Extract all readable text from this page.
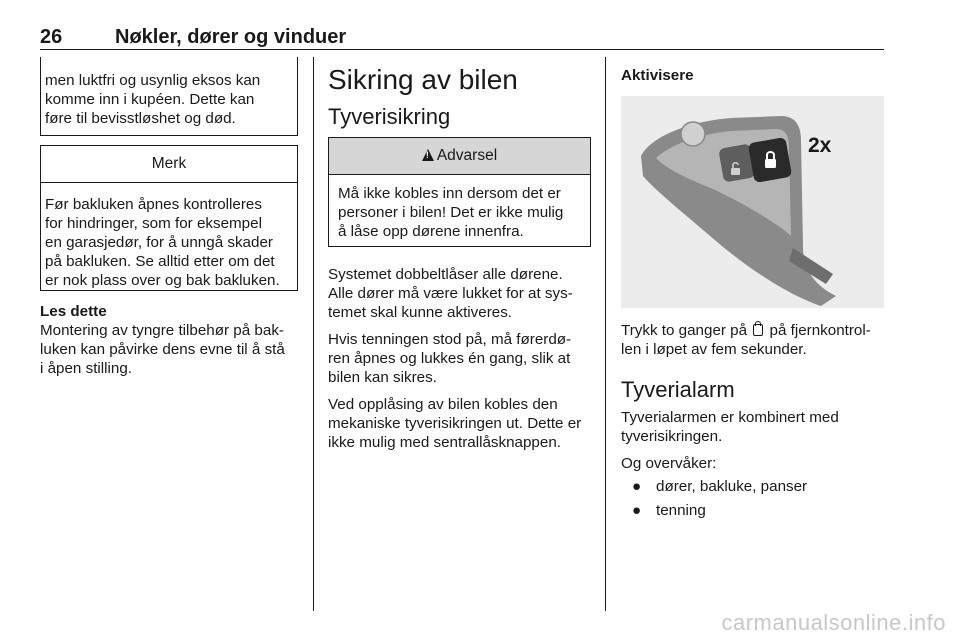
26	Nøkler, dører og vinduer

men luktfri og usynlig eksos kan

komme inn i kupéen. Dette kan

føre til bevisstløshet og død.

Merk

Før bakluken åpnes kontrolleres

for hindringer, som for eksempel

en garasjedør, for å unngå skader

på bakluken. Se alltid etter om det

er nok plass over og bak bakluken.

Les dette

Montering av tyngre tilbehør på bak-

luken kan påvirke dens evne til å stå

i åpen stilling.

Sikring av bilen
Tyverisikring
!Advarsel

Må ikke kobles inn dersom det er

personer i bilen! Det er ikke mulig

å låse opp dørene innenfra.

Systemet dobbeltlåser alle dørene.

Alle dører må være lukket for at sys-

temet skal kunne aktiveres.

Hvis tenningen stod på, må førerdø-

ren åpnes og lukkes én gang, slik at

bilen kan sikres.

Ved opplåsing av bilen kobles den

mekaniske tyverisikringen ut. Dette er

ikke mulig med sentrallåsknappen.

Aktivisere
2x

Trykk to ganger på  på fjernkontrol-

len i løpet av fem sekunder.

Tyverialarm

Tyverialarmen er kombinert med

tyverisikringen.

Og overvåker:

● dører, bakluke, panser
● tenning
carmanualsonline.info
